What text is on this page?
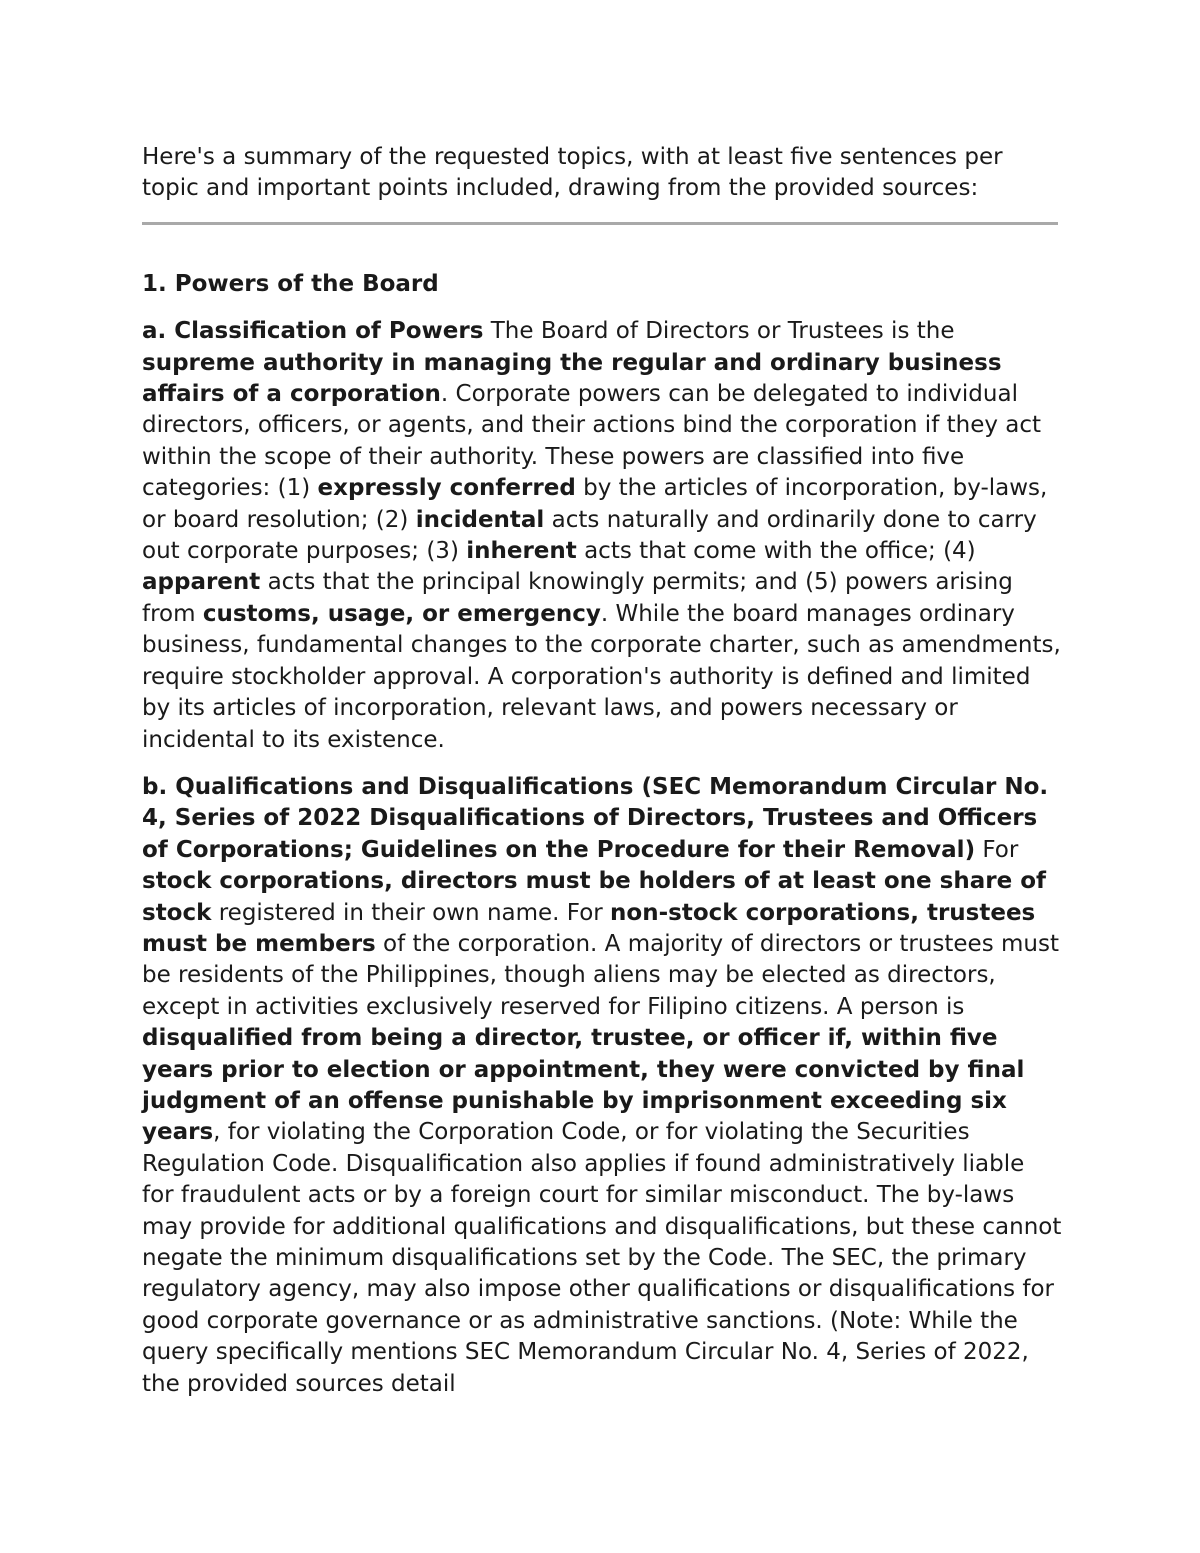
Here's a summary of the requested topics, with at least five sentences per topic and important points included, drawing from the provided sources:

1. Powers of the Board

a. Classification of Powers The Board of Directors or Trustees is the supreme authority in managing the regular and ordinary business affairs of a corporation. Corporate powers can be delegated to individual directors, officers, or agents, and their actions bind the corporation if they act within the scope of their authority. These powers are classified into five categories: (1) expressly conferred by the articles of incorporation, by-laws, or board resolution; (2) incidental acts naturally and ordinarily done to carry out corporate purposes; (3) inherent acts that come with the office; (4) apparent acts that the principal knowingly permits; and (5) powers arising from customs, usage, or emergency. While the board manages ordinary business, fundamental changes to the corporate charter, such as amendments, require stockholder approval. A corporation's authority is defined and limited by its articles of incorporation, relevant laws, and powers necessary or incidental to its existence.

b. Qualifications and Disqualifications (SEC Memorandum Circular No. 4, Series of 2022 Disqualifications of Directors, Trustees and Officers of Corporations; Guidelines on the Procedure for their Removal) For stock corporations, directors must be holders of at least one share of stock registered in their own name. For non-stock corporations, trustees must be members of the corporation. A majority of directors or trustees must be residents of the Philippines, though aliens may be elected as directors, except in activities exclusively reserved for Filipino citizens. A person is disqualified from being a director, trustee, or officer if, within five years prior to election or appointment, they were convicted by final judgment of an offense punishable by imprisonment exceeding six years, for violating the Corporation Code, or for violating the Securities Regulation Code. Disqualification also applies if found administratively liable for fraudulent acts or by a foreign court for similar misconduct. The by-laws may provide for additional qualifications and disqualifications, but these cannot negate the minimum disqualifications set by the Code. The SEC, the primary regulatory agency, may also impose other qualifications or disqualifications for good corporate governance or as administrative sanctions. (Note: While the query specifically mentions SEC Memorandum Circular No. 4, Series of 2022, the provided sources detail
